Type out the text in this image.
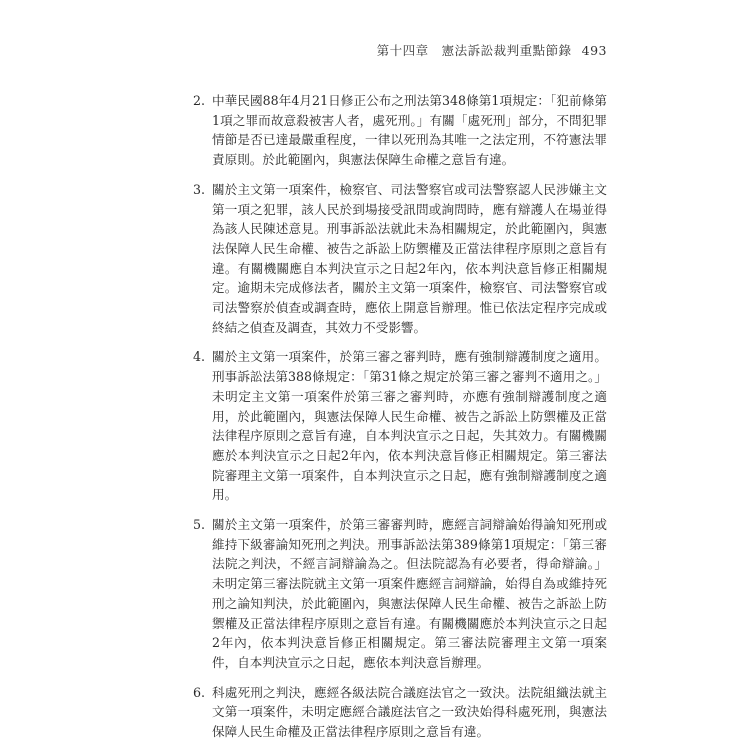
第十四章　憲法訴訟裁判重點節錄 493
2. 中華民國88年4月21日修正公布之刑法第348條第1項規定：「犯前條第1項之罪而故意殺被害人者，處死刑。」有關「處死刑」部分，不問犯罪情節是否已達最嚴重程度，一律以死刑為其唯一之法定刑，不符憲法罪責原則。於此範圍內，與憲法保障生命權之意旨有違。
3. 關於主文第一項案件，檢察官、司法警察官或司法警察認人民涉嫌主文第一項之犯罪，該人民於到場接受訊問或詢問時，應有辯護人在場並得為該人民陳述意見。刑事訴訟法就此未為相關規定，於此範圍內，與憲法保障人民生命權、被告之訴訟上防禦權及正當法律程序原則之意旨有違。有關機關應自本判決宣示之日起2年內，依本判決意旨修正相關規定。逾期未完成修法者，關於主文第一項案件，檢察官、司法警察官或司法警察於偵查或調查時，應依上開意旨辦理。惟已依法定程序完成或終結之偵查及調查，其效力不受影響。
4. 關於主文第一項案件，於第三審之審判時，應有強制辯護制度之適用。刑事訴訟法第388條規定：「第31條之規定於第三審之審判不適用之。」未明定主文第一項案件於第三審之審判時，亦應有強制辯護制度之適用，於此範圍內，與憲法保障人民生命權、被告之訴訟上防禦權及正當法律程序原則之意旨有違，自本判決宣示之日起，失其效力。有關機關應於本判決宣示之日起2年內，依本判決意旨修正相關規定。第三審法院審理主文第一項案件，自本判決宣示之日起，應有強制辯護制度之適用。
5. 關於主文第一項案件，於第三審審判時，應經言詞辯論始得論知死刑或維持下級審論知死刑之判決。刑事訴訟法第389條第1項規定：「第三審法院之判決，不經言詞辯論為之。但法院認為有必要者，得命辯論。」未明定第三審法院就主文第一項案件應經言詞辯論，始得自為或維持死刑之論知判決，於此範圍內，與憲法保障人民生命權、被告之訴訟上防禦權及正當法律程序原則之意旨有違。有關機關應於本判決宣示之日起2年內，依本判決意旨修正相關規定。第三審法院審理主文第一項案件，自本判決宣示之日起，應依本判決意旨辦理。
6. 科處死刑之判決，應經各級法院合議庭法官之一致決。法院組織法就主文第一項案件，未明定應經合議庭法官之一致決始得科處死刑，與憲法保障人民生命權及正當法律程序原則之意旨有違。
